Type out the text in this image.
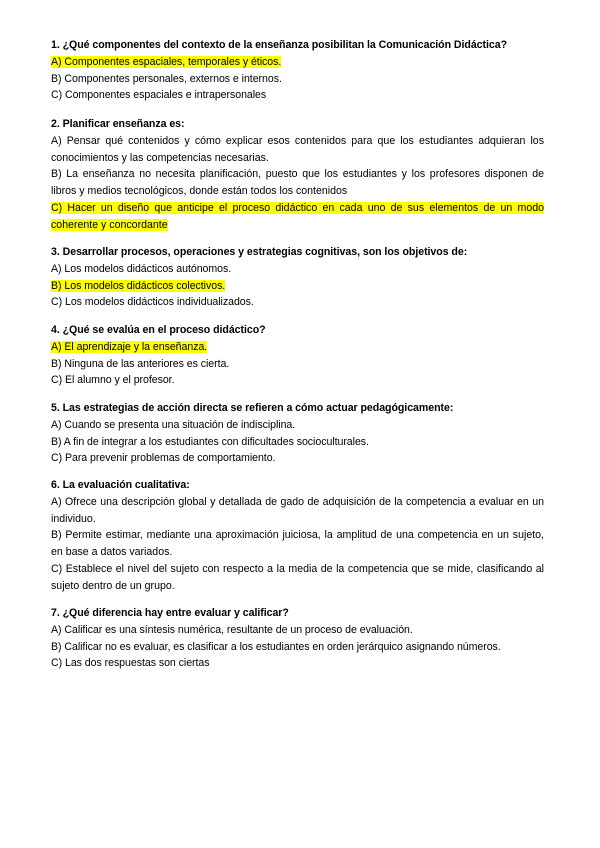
1. ¿Qué componentes del contexto de la enseñanza posibilitan la Comunicación Didáctica?
A) Componentes espaciales, temporales y éticos.
B) Componentes personales, externos e internos.
C) Componentes espaciales e intrapersonales
2. Planificar enseñanza es:
A) Pensar qué contenidos y cómo explicar esos contenidos para que los estudiantes adquieran los conocimientos y las competencias necesarias.
B) La enseñanza no necesita planificación, puesto que los estudiantes y los profesores disponen de libros y medios tecnológicos, donde están todos los contenidos
C) Hacer un diseño que anticipe el proceso didáctico en cada uno de sus elementos de un modo coherente y concordante
3. Desarrollar procesos, operaciones y estrategias cognitivas, son los objetivos de:
A) Los modelos didácticos autónomos.
B) Los modelos didácticos colectivos.
C) Los modelos didácticos individualizados.
4. ¿Qué se evalúa en el proceso didáctico?
A) El aprendizaje y la enseñanza.
B) Ninguna de las anteriores es cierta.
C) El alumno y el profesor.
5. Las estrategias de acción directa se refieren a cómo actuar pedagógicamente:
A) Cuando se presenta una situación de indisciplina.
B) A fin de integrar a los estudiantes con dificultades socioculturales.
C) Para prevenir problemas de comportamiento.
6. La evaluación cualitativa:
A) Ofrece una descripción global y detallada de gado de adquisición de la competencia a evaluar en un individuo.
B) Permite estimar, mediante una aproximación juiciosa, la amplitud de una competencia en un sujeto, en base a datos variados.
C) Establece el nivel del sujeto con respecto a la media de la competencia que se mide, clasificando al sujeto dentro de un grupo.
7. ¿Qué diferencia hay entre evaluar y calificar?
A) Calificar es una síntesis numérica, resultante de un proceso de evaluación.
B) Calificar no es evaluar, es clasificar a los estudiantes en orden jerárquico asignando números.
C) Las dos respuestas son ciertas
